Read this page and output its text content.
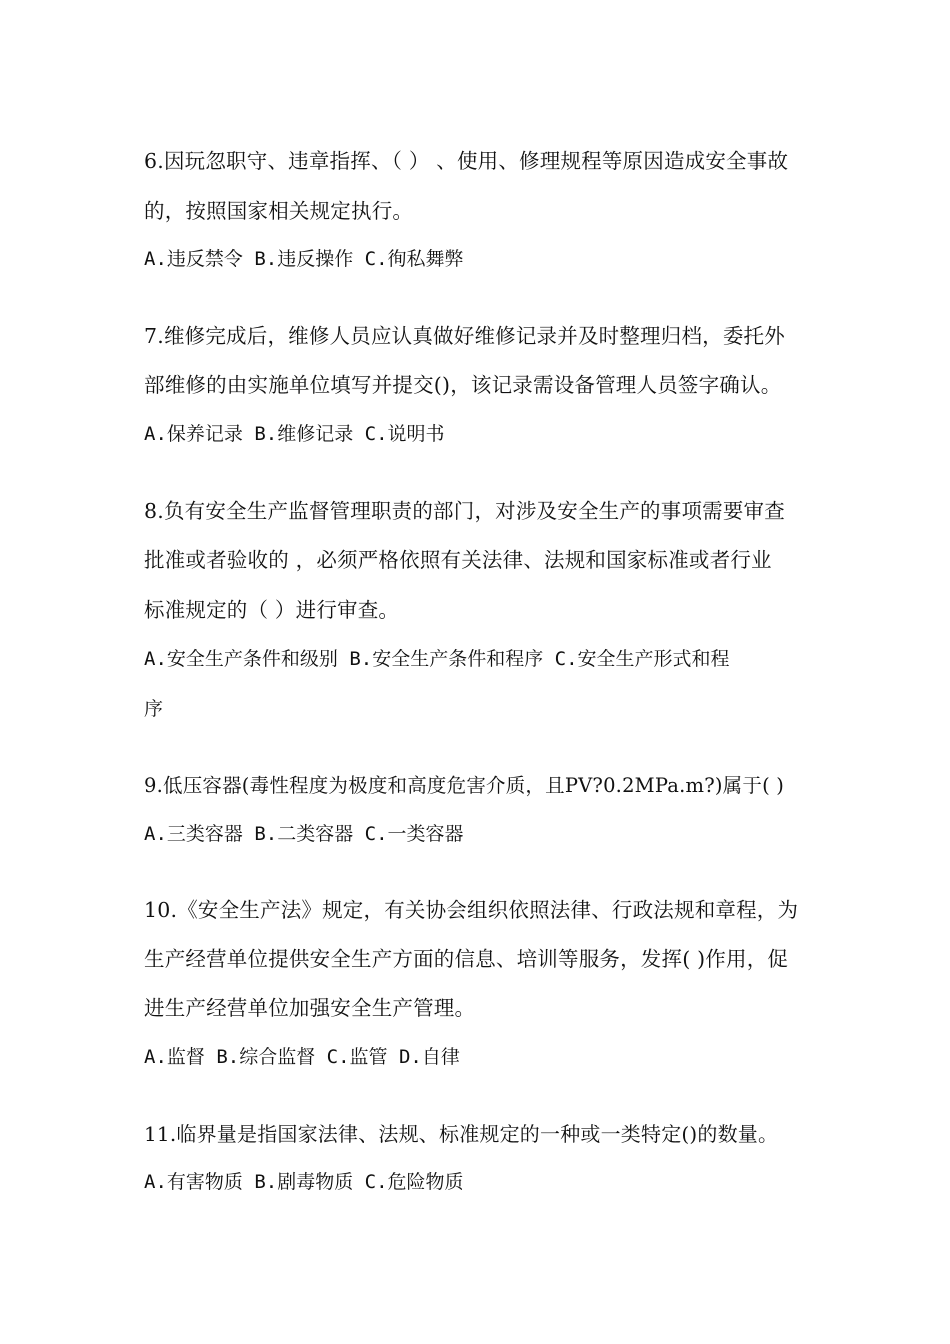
6.因玩忽职守、违章指挥、（ ） 、使用、修理规程等原因造成安全事故
的，按照国家相关规定执行。
A.违反禁令 B.违反操作 C.徇私舞弊
7.维修完成后，维修人员应认真做好维修记录并及时整理归档，委托外
部维修的由实施单位填写并提交()，该记录需设备管理人员签字确认。
A.保养记录 B.维修记录 C.说明书
8.负有安全生产监督管理职责的部门，对涉及安全生产的事项需要审查
批准或者验收的 ，必须严格依照有关法律、法规和国家标准或者行业
标准规定的（ ）进行审查。
A.安全生产条件和级别 B.安全生产条件和程序 C.安全生产形式和程
序
9.低压容器(毒性程度为极度和高度危害介质，且PV?0.2MPa.m?)属于( )
A.三类容器 B.二类容器 C.一类容器
10.《安全生产法》规定，有关协会组织依照法律、行政法规和章程，为
生产经营单位提供安全生产方面的信息、培训等服务，发挥( )作用，促
进生产经营单位加强安全生产管理。
A.监督 B.综合监督 C.监管 D.自律
11.临界量是指国家法律、法规、标准规定的一种或一类特定()的数量。
A.有害物质 B.剧毒物质 C.危险物质
